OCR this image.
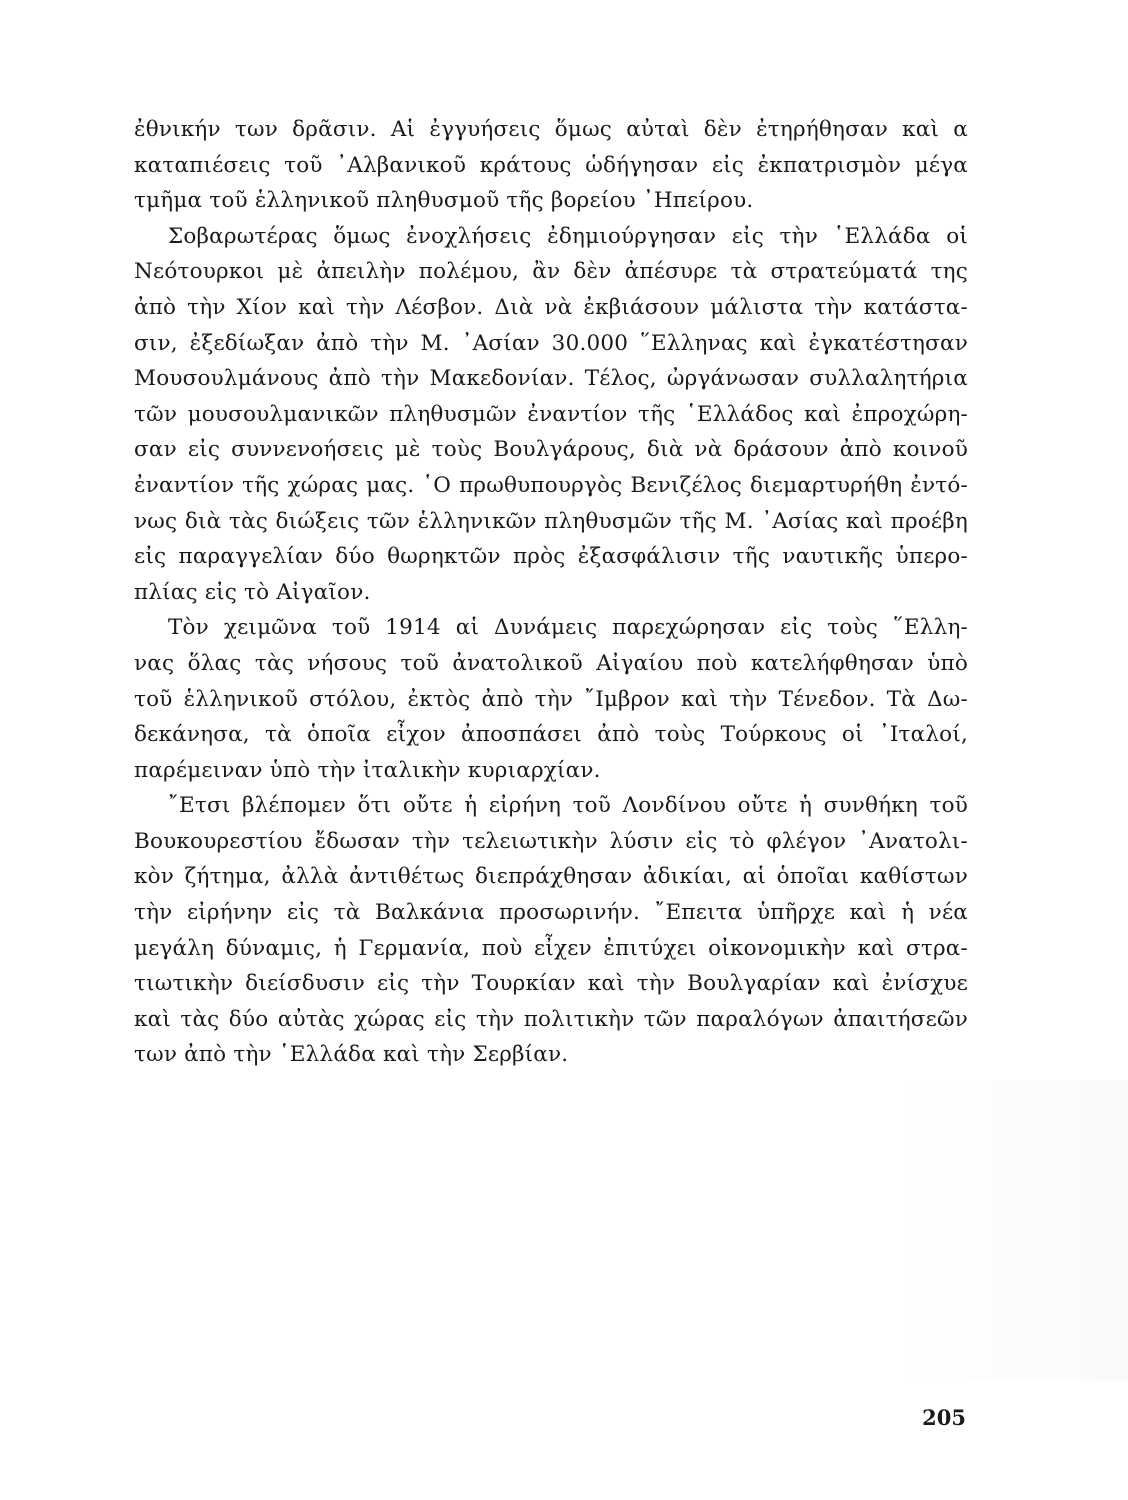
ἐθνικήν των δρᾶσιν. Αἱ ἐγγυήσεις ὅμως αὐταὶ δὲν ἐτηρήθησαν καὶ α
καταπιέσεις τοῦ ᾿Αλβανικοῦ κράτους ὡδήγησαν εἰς ἐκπατρισμὸν μέγα
τμῆμα τοῦ ἑλληνικοῦ πληθυσμοῦ τῆς βορείου ᾿Ηπείρου.
Σοβαρωτέρας ὅμως ἐνοχλήσεις ἐδημιούργησαν εἰς τὴν ῾Ελλάδα οἱ
Νεότουρκοι μὲ ἀπειλὴν πολέμου, ἂν δὲν ἀπέσυρε τὰ στρατεύματά της
ἀπὸ τὴν Χίον καὶ τὴν Λέσβον. Διὰ νὰ ἐκβιάσουν μάλιστα τὴν κατάστα-
σιν, ἐξεδίωξαν ἀπὸ τὴν Μ. ᾿Ασίαν 30.000 ῞Ελληνας καὶ ἐγκατέστησαν
Μουσουλμάνους ἀπὸ τὴν Μακεδονίαν. Τέλος, ὠργάνωσαν συλλαλητήρια
τῶν μουσουλμανικῶν πληθυσμῶν ἐναντίον τῆς ῾Ελλάδος καὶ ἐπροχώρη-
σαν εἰς συννενοήσεις μὲ τοὺς Βουλγάρους, διὰ νὰ δράσουν ἀπὸ κοινοῦ
ἐναντίον τῆς χώρας μας. ῾Ο πρωθυπουργὸς Βενιζέλος διεμαρτυρήθη ἐντό-
νως διὰ τὰς διώξεις τῶν ἑλληνικῶν πληθυσμῶν τῆς Μ. ᾿Ασίας καὶ προέβη
εἰς παραγγελίαν δύο θωρηκτῶν πρὸς ἐξασφάλισιν τῆς ναυτικῆς ὑπερο-
πλίας εἰς τὸ Αἰγαῖον.
Τὸν χειμῶνα τοῦ 1914 αἱ Δυνάμεις παρεχώρησαν εἰς τοὺς ῞Ελλη-
νας ὅλας τὰς νήσους τοῦ ἀνατολικοῦ Αἰγαίου ποὺ κατελήφθησαν ὑπὸ
τοῦ ἑλληνικοῦ στόλου, ἐκτὸς ἀπὸ τὴν ῎Ιμβρον καὶ τὴν Τένεδον. Τὰ Δω-
δεκάνησα, τὰ ὁποῖα εἶχον ἀποσπάσει ἀπὸ τοὺς Τούρκους οἱ ᾿Ιταλοί,
παρέμειναν ὑπὸ τὴν ἰταλικὴν κυριαρχίαν.
῎Ετσι βλέπομεν ὅτι οὔτε ἡ εἰρήνη τοῦ Λονδίνου οὔτε ἡ συνθήκη τοῦ
Βουκουρεστίου ἔδωσαν τὴν τελειωτικὴν λύσιν εἰς τὸ φλέγον ᾿Ανατολι-
κὸν ζήτημα, ἀλλὰ ἀντιθέτως διεπράχθησαν ἀδικίαι, αἱ ὁποῖαι καθίστων
τὴν εἰρήνην εἰς τὰ Βαλκάνια προσωρινήν. ῎Επειτα ὑπῆρχε καὶ ἡ νέα
μεγάλη δύναμις, ἡ Γερμανία, ποὺ εἶχεν ἐπιτύχει οἰκονομικὴν καὶ στρα-
τιωτικὴν διείσδυσιν εἰς τὴν Τουρκίαν καὶ τὴν Βουλγαρίαν καὶ ἐνίσχυε
καὶ τὰς δύο αὐτὰς χώρας εἰς τὴν πολιτικὴν τῶν παραλόγων ἀπαιτήσεῶν
των ἀπὸ τὴν ῾Ελλάδα καὶ τὴν Σερβίαν.
205
